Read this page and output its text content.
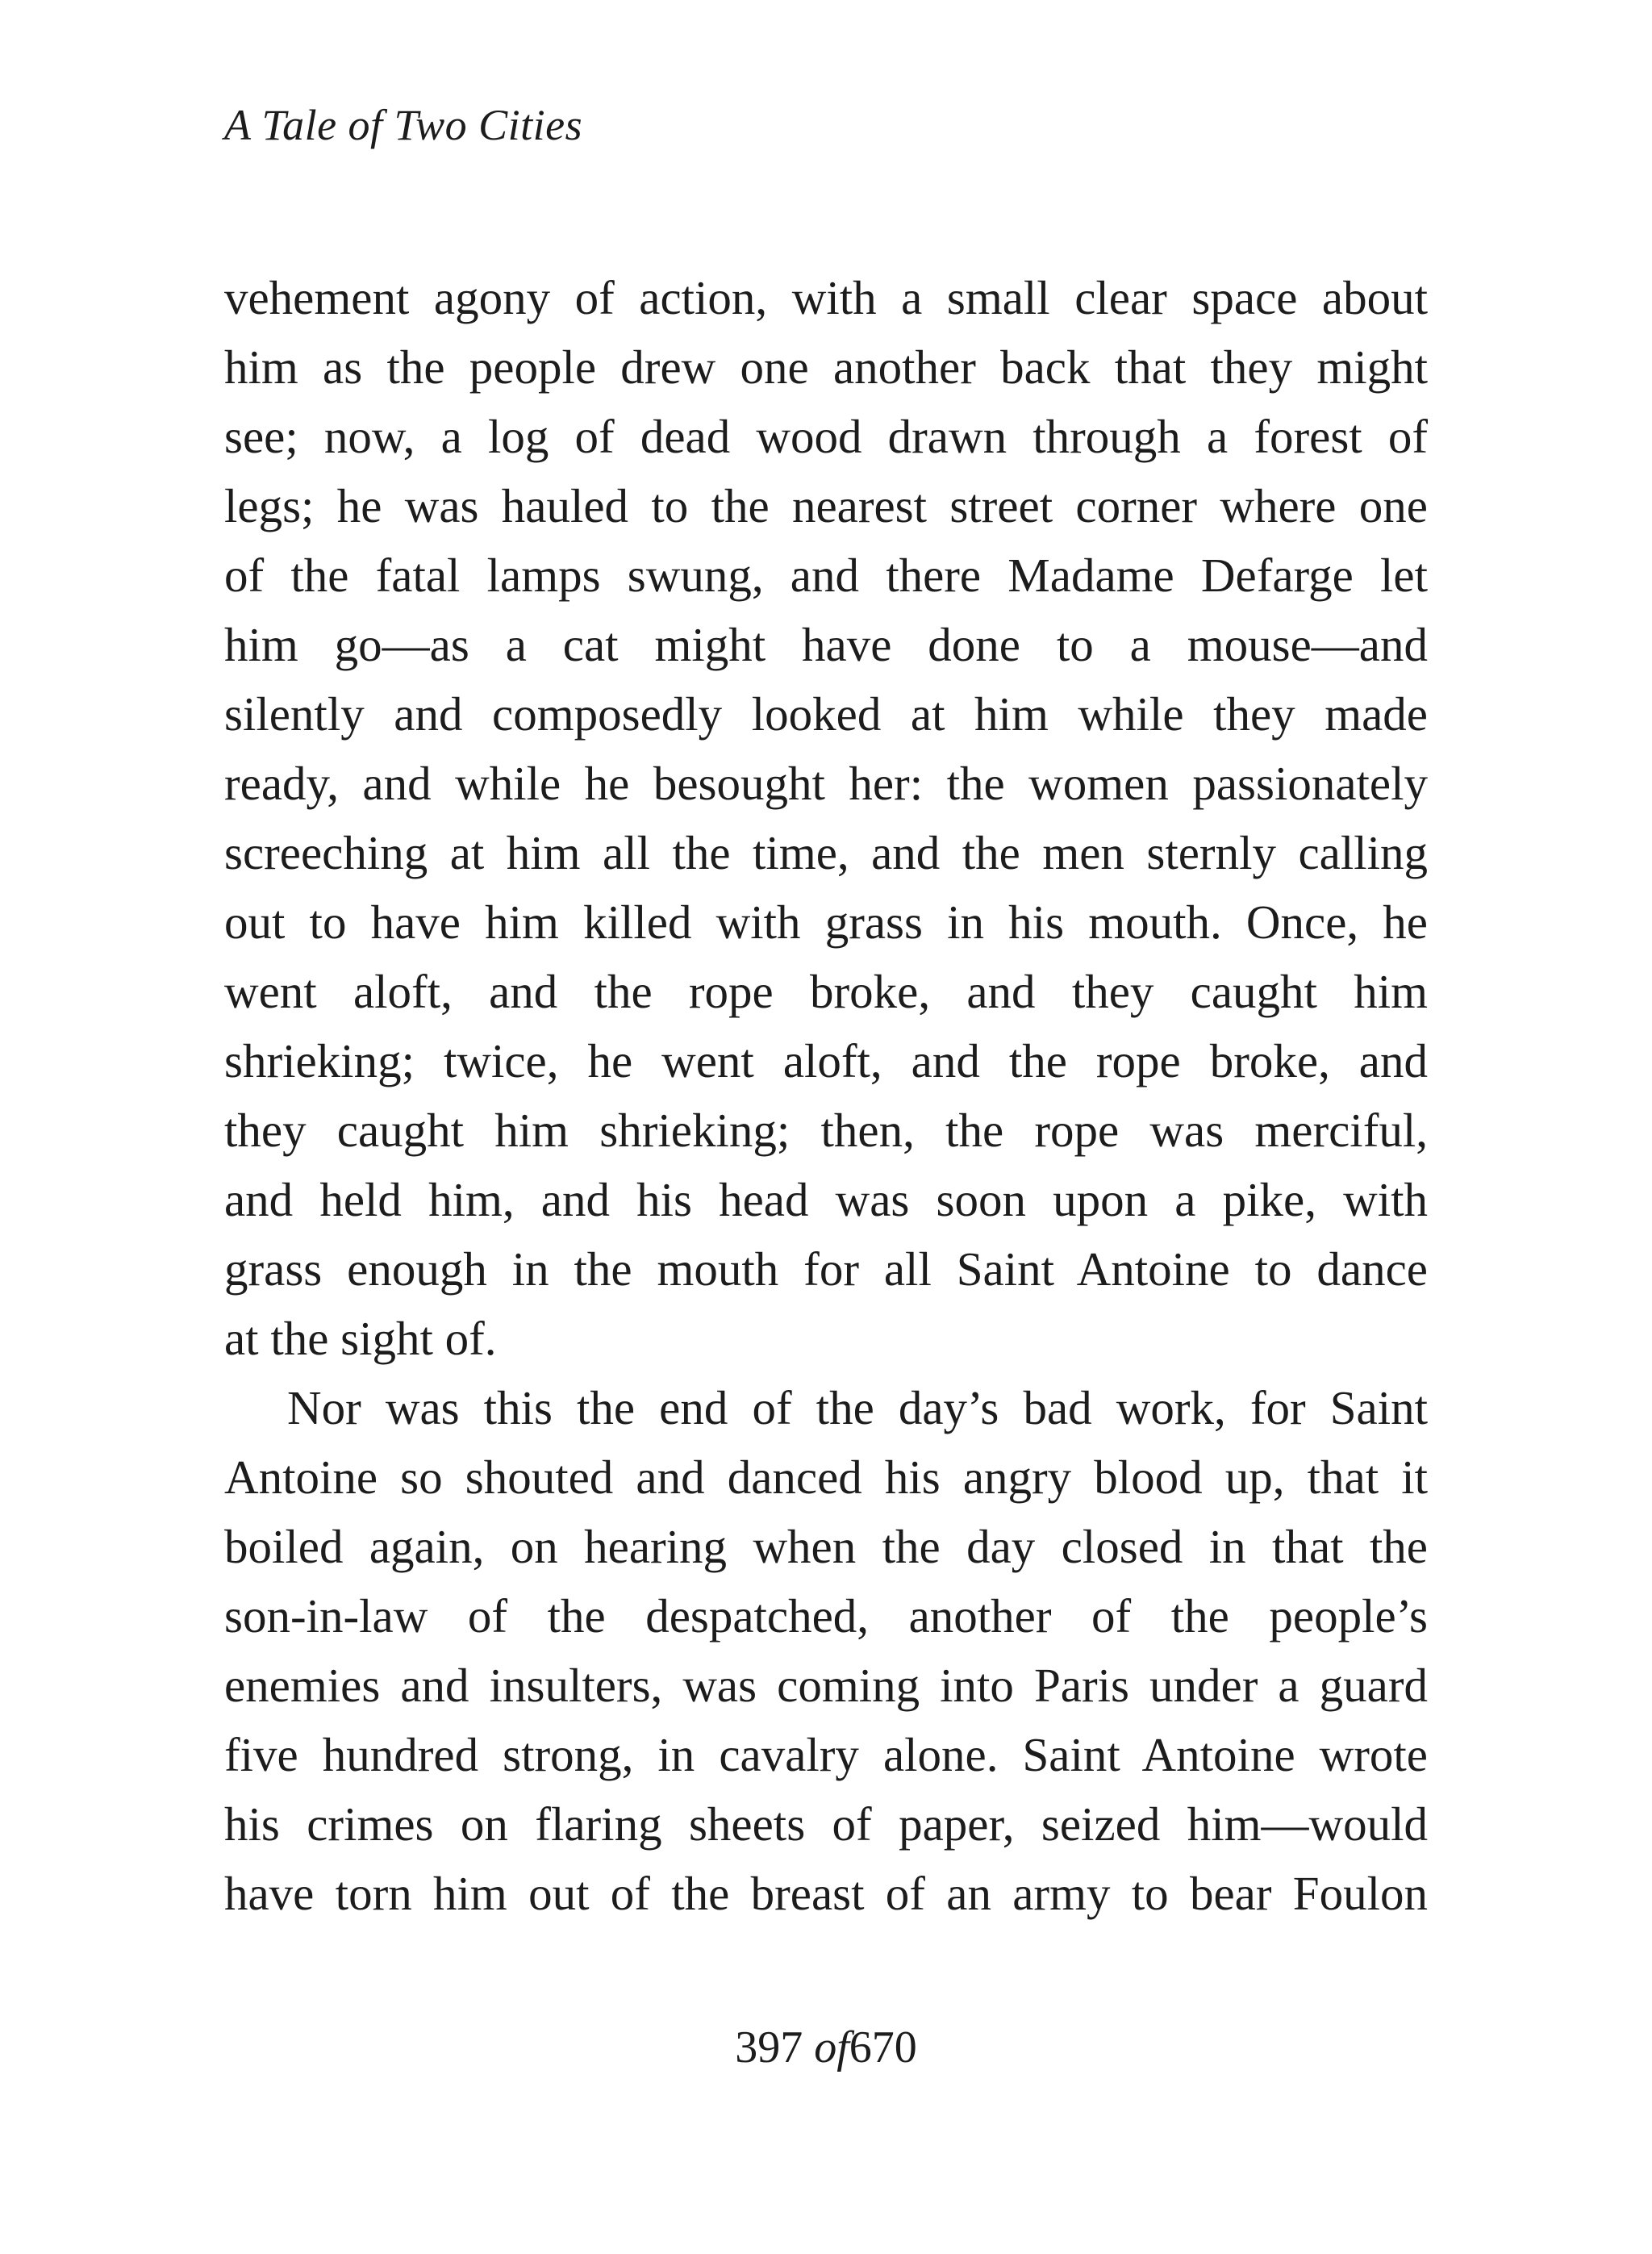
A Tale of Two Cities
vehement agony of action, with a small clear space about
him as the people drew one another back that they might
see; now, a log of dead wood drawn through a forest of
legs; he was hauled to the nearest street corner where one
of the fatal lamps swung, and there Madame Defarge let
him go—as a cat might have done to a mouse—and
silently and composedly looked at him while they made
ready, and while he besought her: the women passionately
screeching at him all the time, and the men sternly calling
out to have him killed with grass in his mouth. Once, he
went aloft, and the rope broke, and they caught him
shrieking; twice, he went aloft, and the rope broke, and
they caught him shrieking; then, the rope was merciful,
and held him, and his head was soon upon a pike, with
grass enough in the mouth for all Saint Antoine to dance
at the sight of.
Nor was this the end of the day’s bad work, for Saint
Antoine so shouted and danced his angry blood up, that it
boiled again, on hearing when the day closed in that the
son-in-law of the despatched, another of the people’s
enemies and insulters, was coming into Paris under a guard
five hundred strong, in cavalry alone. Saint Antoine wrote
his crimes on flaring sheets of paper, seized him—would
have torn him out of the breast of an army to bear Foulon
397 of670
